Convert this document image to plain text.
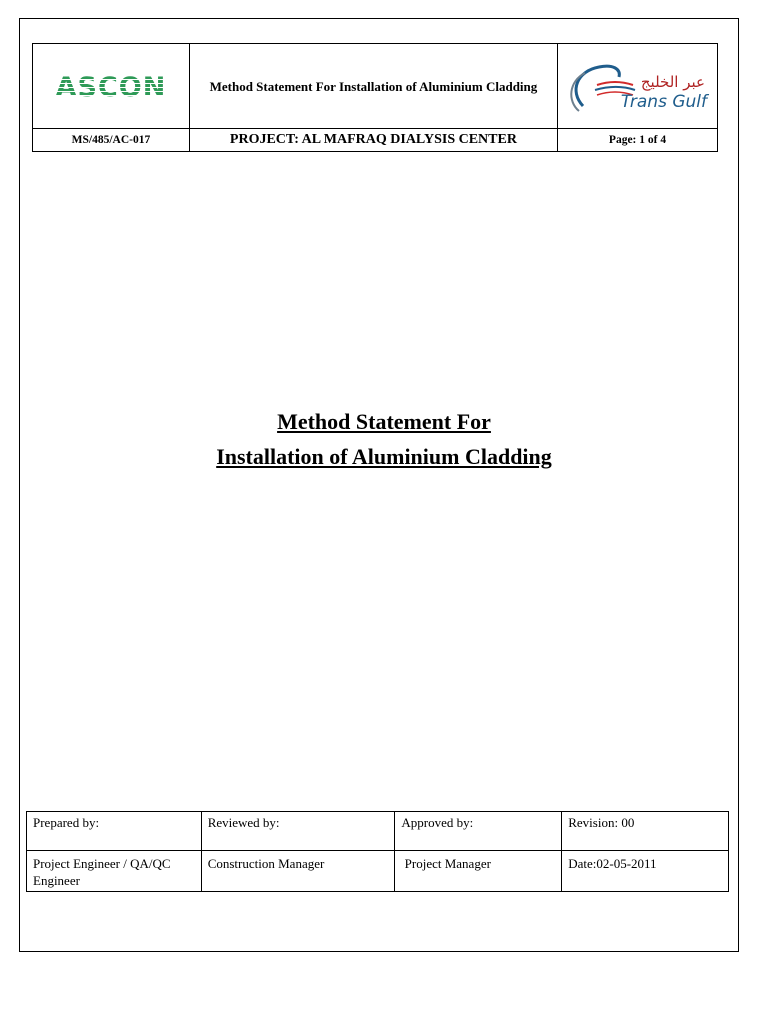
ASCON	Method Statement For Installation of Aluminium Cladding	عبر الخليج
Trans Gulf

MS/485/AC-017	PROJECT: AL MAFRAQ DIALYSIS CENTER	Page: 1 of 4
Method Statement For
Installation of Aluminium Cladding
Prepared by:	Reviewed by:	Approved by:	Revision: 00
Project Engineer / QA/QC Engineer	Construction Manager	Project Manager	Date:02-05-2011
